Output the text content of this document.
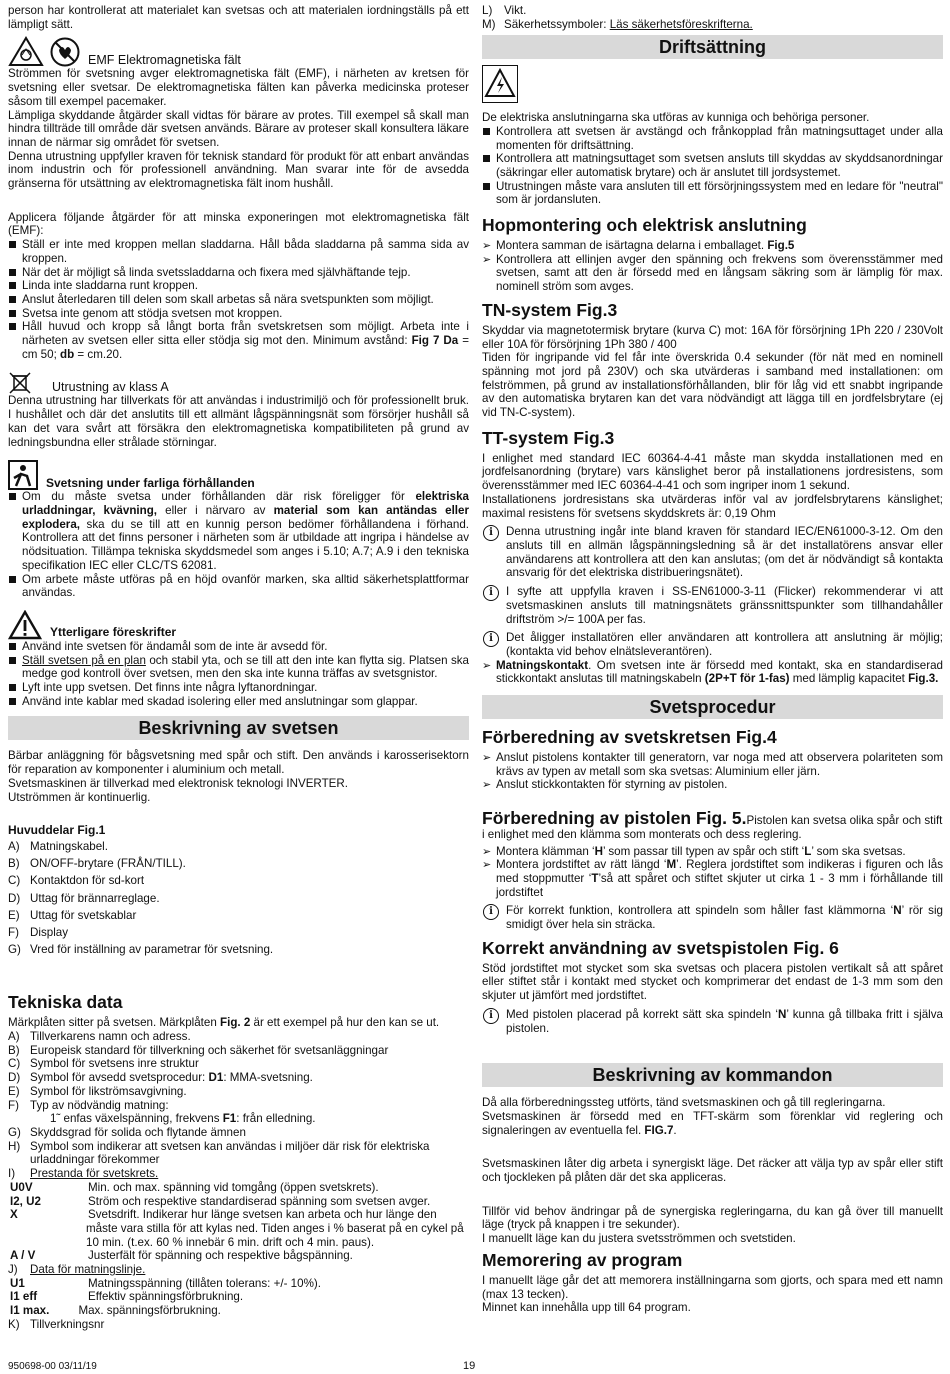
person har kontrollerat att materialet kan svetsas och att materialen iordningställs på ett lämpligt sätt.

EMF Elektromagnetiska fält

Strömmen för svetsning avger elektromagnetiska fält (EMF), i närheten av kretsen för svetsning eller svetsar. De elektromagnetiska fälten kan påverka medicinska proteser såsom till exempel pacemaker.

Lämpliga skyddande åtgärder skall vidtas för bärare av protes. Till exempel så skall man hindra tillträde till område där svetsen används. Bärare av proteser skall konsultera läkare innan de närmar sig området för svetsen.

Denna utrustning uppfyller kraven för teknisk standard för produkt för att enbart användas inom industrin och för professionell användning. Man svarar inte för de avsedda gränserna för utsättning av elektromagnetiska fält inom hushåll.

Applicera följande åtgärder för att minska exponeringen mot elektromagnetiska fält (EMF):

Ställ er inte med kroppen mellan sladdarna. Håll båda sladdarna på samma sida av kroppen.
När det är möjligt så linda svetssladdarna och fixera med självhäftande tejp.
Linda inte sladdarna runt kroppen.
Anslut återledaren till delen som skall arbetas så nära svetspunkten som möjligt.
Svetsa inte genom att stödja svetsen mot kroppen.
Håll huvud och kropp så långt borta från svetskretsen som möjligt. Arbeta inte i närheten av svetsen eller sitta eller stödja sig mot den. Minimum avstånd: Fig 7 Da = cm 50; db = cm.20.
Utrustning av klass A

Denna utrustning har tillverkats för att användas i industrimiljö och för professionellt bruk. I hushållet och där det anslutits till ett allmänt lågspänningsnät som försörjer hushåll så kan det vara svårt att försäkra den elektromagnetiska kompatibiliteten på grund av ledningsbundna eller strålade störningar.

Svetsning under farliga förhållanden
Om du måste svetsa under förhållanden där risk föreligger för elektriska urladdningar, kvävning, eller i närvaro av material som kan antändas eller explodera, ska du se till att en kunnig person bedömer förhållandena i förhand. Kontrollera att det finns personer i närheten som är utbildade att ingripa i händelse av nödsituation. Tillämpa tekniska skyddsmedel som anges i 5.10; A.7; A.9 i den tekniska specifikation IEC eller CLC/TS 62081.
Om arbete måste utföras på en höjd ovanför marken, ska alltid säkerhetsplattformar användas.
Ytterligare föreskrifter
Använd inte svetsen för ändamål som de inte är avsedd för.
Ställ svetsen på en plan och stabil yta, och se till att den inte kan flytta sig. Platsen ska medge god kontroll över svetsen, men den ska inte kunna träffas av svetsgnistor.
Lyft inte upp svetsen. Det finns inte några lyftanordningar.
Använd inte kablar med skadad isolering eller med anslutningar som glappar.
Beskrivning av svetsen

Bärbar anläggning för bågsvetsning med spår och stift. Den används i karosserisektorn för reparation av komponenter i aluminium och metall.

Svetsmaskinen är tillverkad med elektronisk teknologi INVERTER.

Utströmmen är kontinuerlig.

Huvuddelar Fig.1
A) Matningskabel.
B) ON/OFF-brytare (FRÅN/TILL).
C) Kontaktdon för sd-kort
D) Uttag för brännarreglage.
E) Uttag för svetskablar
F) Display
G) Vred för inställning av parametrar för svetsning.
Tekniska data

Märkplåten sitter på svetsen. Märkplåten Fig. 2 är ett exempel på hur den kan se ut.

A) Tillverkarens namn och adress.
B) Europeisk standard för tillverkning och säkerhet för svetsanläggningar
C) Symbol för svetsens inre struktur
D) Symbol för avsedd svetsprocedur: D1: MMA-svetsning.
E) Symbol för likströmsavgivning.
F) Typ av nödvändig matning:
1˜ enfas växelspänning, frekvens F1: från elledning.
G) Skyddsgrad för solida och flytande ämnen
H) Symbol som indikerar att svetsen kan användas i miljöer där risk för elektriska urladdningar förekommer
I) Prestanda för svetskrets.
U0V	Min. och max. spänning vid tomgång (öppen svetskrets).
I2, U2	Ström och respektive standardiserad spänning som svetsen avger.
X	Svetsdrift. Indikerar hur länge svetsen kan arbeta och hur länge den måste vara stilla för att kylas ned. Tiden anges i % baserat på en cykel på 10 min. (t.ex. 60 % innebär 6 min. drift och 4 min. paus).
A / V	Justerfält för spänning och respektive bågspänning.
J) Data för matningslinje.
U1	Matningsspänning (tillåten tolerans: +/- 10%).
I1 eff	Effektiv spänningsförbrukning.
I1 max.	Max. spänningsförbrukning.
K) Tillverkningsnr
L) Vikt.
M) Säkerhetssymboler: Läs säkerhetsföreskrifterna.
Driftsättning

De elektriska anslutningarna ska utföras av kunniga och behöriga personer.

Kontrollera att svetsen är avstängd och frånkopplad från matningsuttaget under alla momenten för driftsättning.
Kontrollera att matningsuttaget som svetsen ansluts till skyddas av skyddsanordningar (säkringar eller automatisk brytare) och är anslutet till jordsystemet.
Utrustningen måste vara ansluten till ett försörjningssystem med en ledare för "neutral" som är jordansluten.
Hopmontering och elektrisk anslutning
➢ Montera samman de isärtagna delarna i emballaget. Fig.5
➢ Kontrollera att ellinjen avger den spänning och frekvens som överensstämmer med svetsen, samt att den är försedd med en långsam säkring som är lämplig för max. nominell ström som avges.
TN-system Fig.3

Skyddar via magnetotermisk brytare (kurva C) mot: 16A för försörjning 1Ph 220 / 230Volt eller 10A för försörjning 1Ph 380 / 400

Tiden för ingripande vid fel får inte överskrida 0.4 sekunder (för nät med en nominell spänning mot jord på 230V) och ska utvärderas i samband med installationen: om felströmmen, på grund av installationsförhållanden, blir för låg vid ett snabbt ingripande av den automatiska brytaren kan det vara nödvändigt att lägga till en jordfelsbrytare (ej vid TN-C-system).

TT-system Fig.3

I enlighet med standard IEC 60364-4-41 måste man skydda installationen med en jordfelsanordning (brytare) vars känslighet beror på installationens jordresistens, som överensstämmer med IEC 60364-4-41 och som ingriper inom 1 sekund.

Installationens jordresistans ska utvärderas inför val av jordfelsbrytarens känslighet; maximal resistens för svetsens skyddskrets är: 0,19 Ohm

i	Denna utrustning ingår inte bland kraven för standard IEC/EN61000-3-12. Om den ansluts till en allmän lågspänningsledning så är det installatörens ansvar eller användarens att kontrollera att den kan anslutas; (om det är nödvändigt så kontakta ansvarig för det elektriska distribueringsnätet).
i	I syfte att uppfylla kraven i SS-EN61000-3-11 (Flicker) rekommenderar vi att svetsmaskinen ansluts till matningsnätets gränssnittspunkter som tillhandahåller driftström >/= 100A per fas.
i	Det åligger installatören eller användaren att kontrollera att anslutning är möjlig; (kontakta vid behov elnätsleverantören).
➢ Matningskontakt. Om svetsen inte är försedd med kontakt, ska en standardiserad stickkontakt anslutas till matningskabeln (2P+T för 1-fas) med lämplig kapacitet Fig.3.
Svetsprocedur
Förberedning av svetskretsen Fig.4
➢ Anslut pistolens kontakter till generatorn, var noga med att observera polariteten som krävs av typen av metall som ska svetsas: Aluminium eller järn.
➢ Anslut stickkontakten för styrning av pistolen.

Förberedning av pistolen Fig. 5.Pistolen kan svetsa olika spår och stift i enlighet med den klämma som monterats och dess reglering.

➢ Montera klämman ‘H’ som passar till typen av spår och stift ‘L’ som ska svetsas.
➢ Montera jordstiftet av rätt längd ‘M’. Reglera jordstiftet som indikeras i figuren och lås med stoppmutter ‘T’så att spåret och stiftet skjuter ut cirka 1 - 3 mm i förhållande till jordstiftet
i	För korrekt funktion, kontrollera att spindeln som håller fast klämmorna ‘N’ rör sig smidigt över hela sin sträcka.
Korrekt användning av svetspistolen Fig. 6

Stöd jordstiftet mot stycket som ska svetsas och placera pistolen vertikalt så att spåret eller stiftet står i kontakt med stycket och komprimerar det endast de 1-3 mm som den skjuter ut jämfört med jordstiftet.

i	Med pistolen placerad på korrekt sätt ska spindeln ‘N’ kunna gå tillbaka fritt i själva pistolen.
Beskrivning av kommandon

Då alla förberedningssteg utförts, tänd svetsmaskinen och gå till regleringarna.

Svetsmaskinen är försedd med en TFT-skärm som förenklar vid reglering och signaleringen av eventuella fel. FIG.7.

Svetsmaskinen låter dig arbeta i synergiskt läge. Det räcker att välja typ av spår eller stift och tjockleken på plåten där det ska appliceras.

Tillför vid behov ändringar på de synergiska regleringarna, du kan gå över till manuellt läge (tryck på knappen i tre sekunder).

I manuellt läge kan du justera svetsströmmen och svetstiden.

Memorering av program

I manuellt läge går det att memorera inställningarna som gjorts, och spara med ett namn (max 13 tecken).

Minnet kan innehålla upp till 64 program.

950698-00 03/11/19	19
